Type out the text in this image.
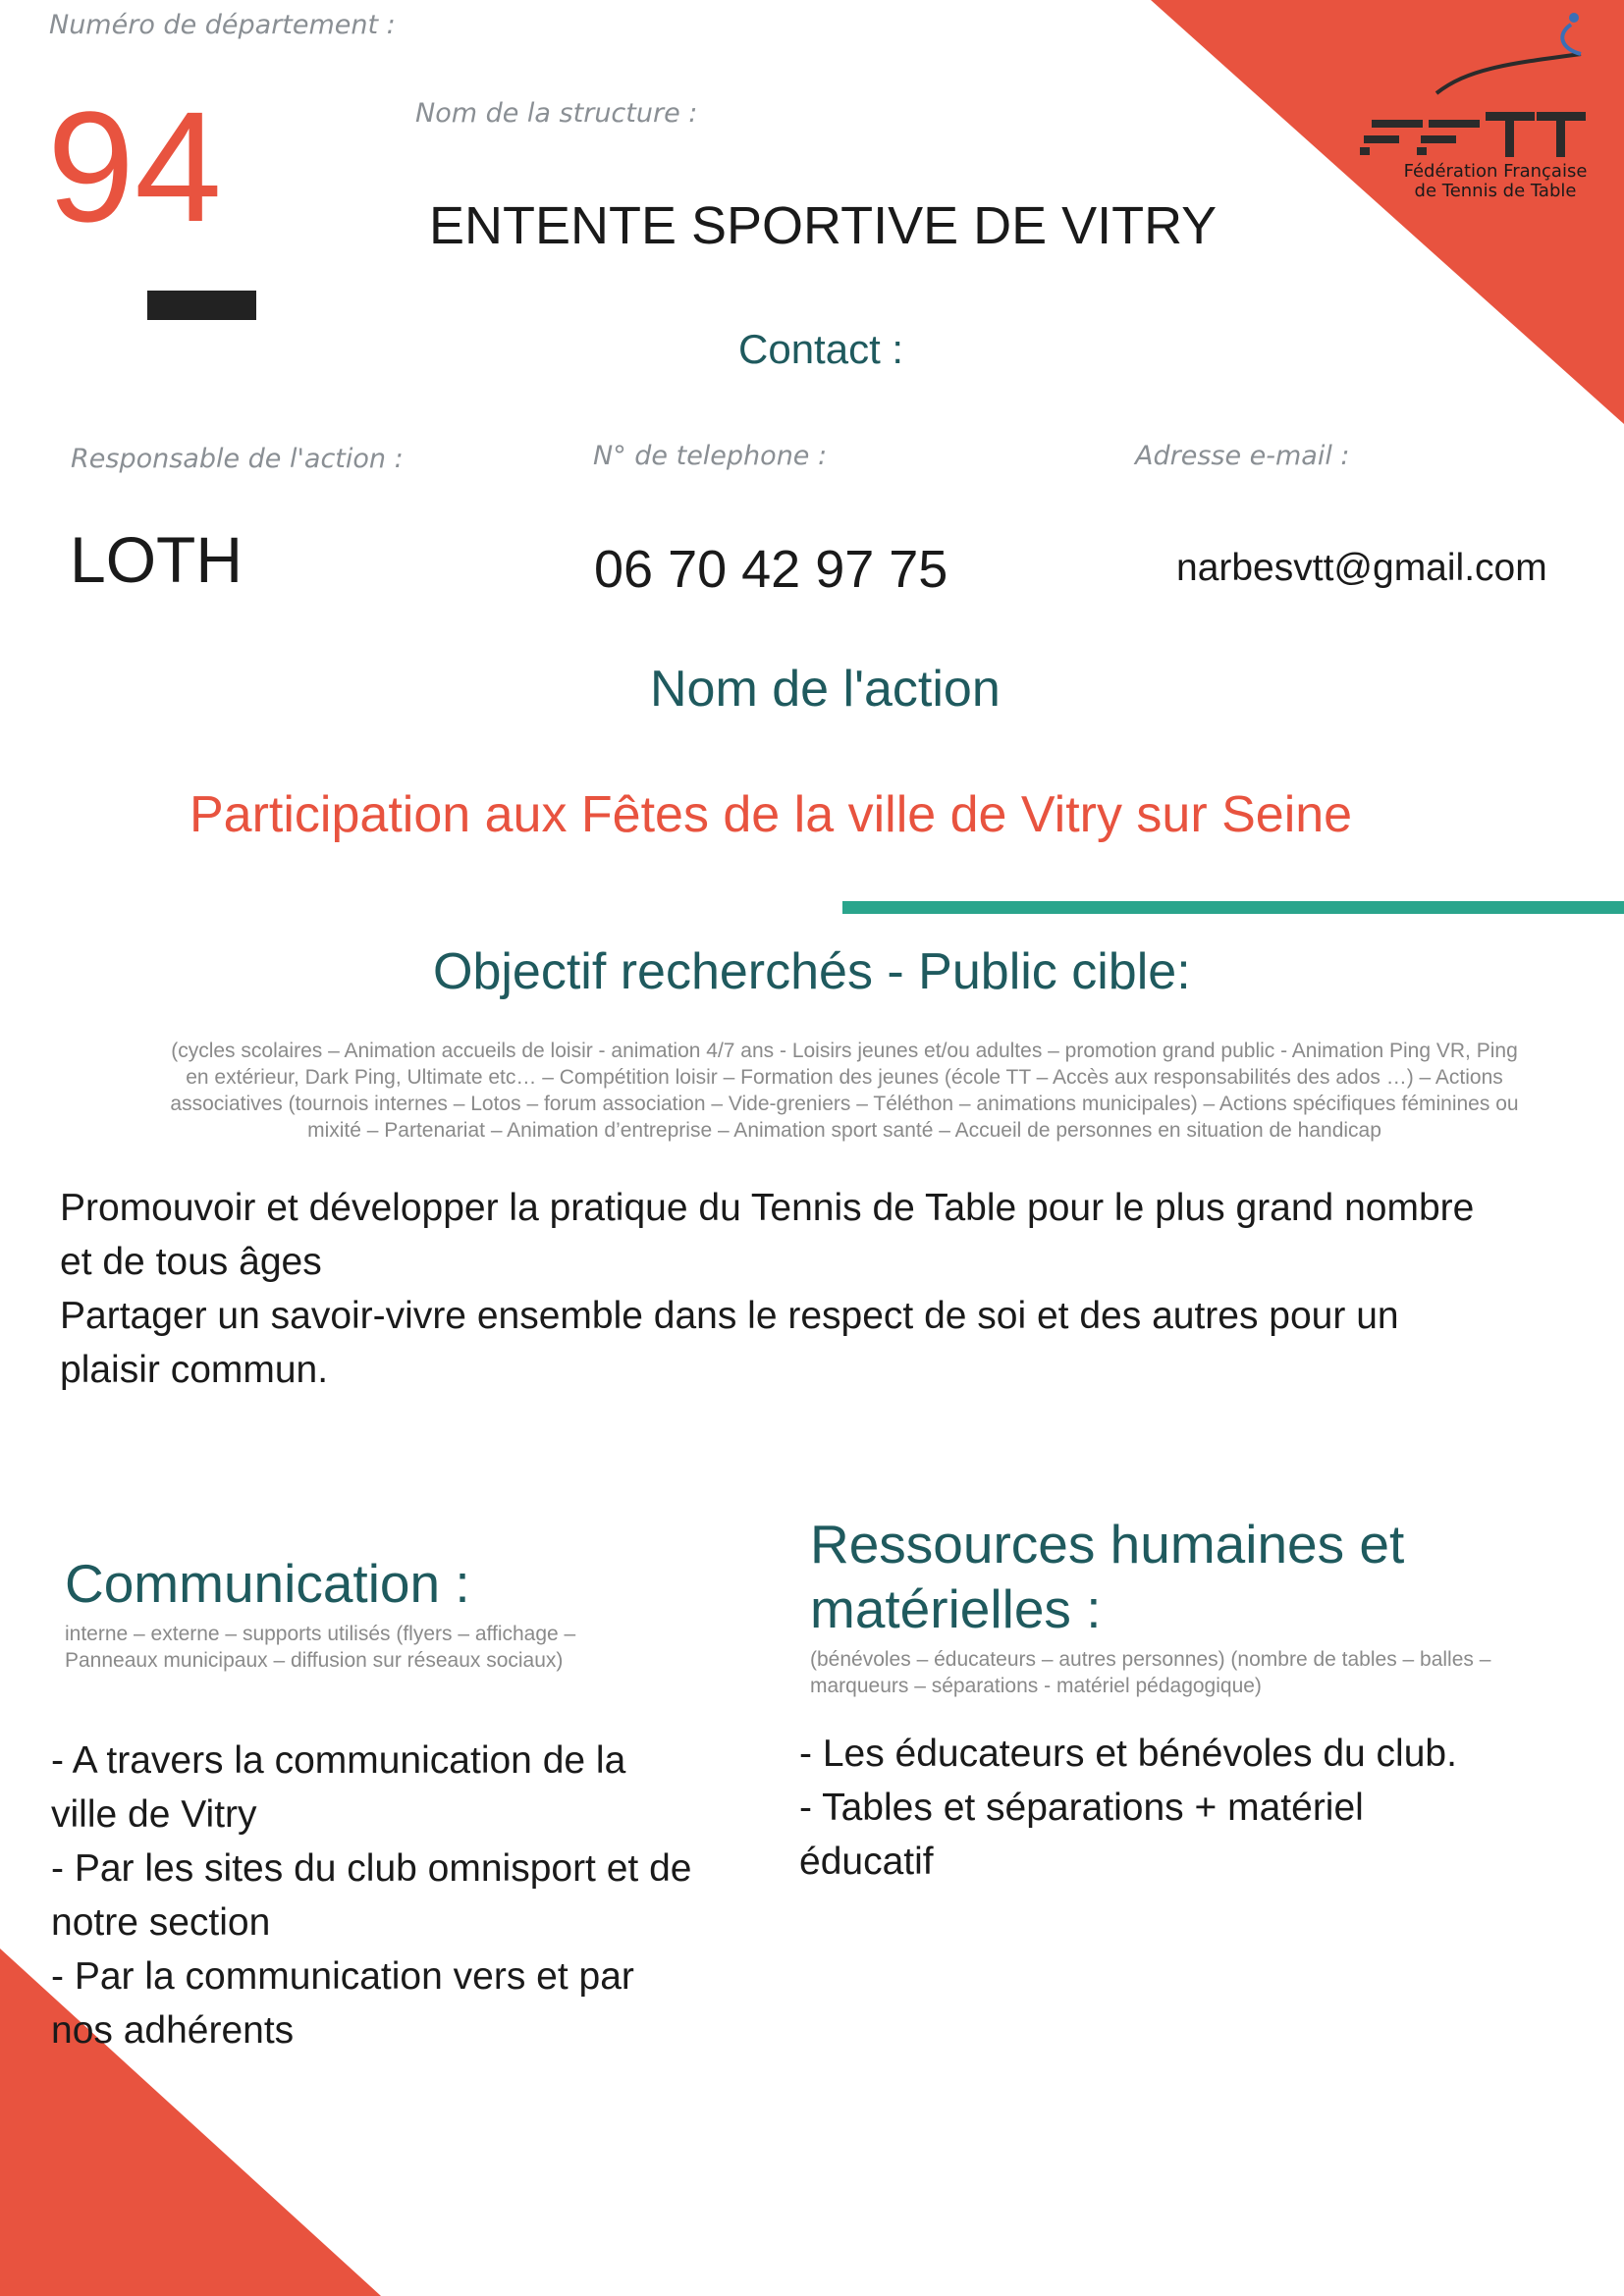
Fédération Française
de Tennis de Table
Numéro de département :
94	Nom de la structure :
ENTENTE SPORTIVE DE VITRY
Contact :
Responsable de l'action :
LOTH
N° de telephone :
06 70 42 97 75
Adresse e-mail :
narbesvtt@gmail.com
Nom de l'action
Participation aux Fêtes de la ville de Vitry sur Seine
Objectif recherchés - Public cible:
(cycles scolaires – Animation accueils de loisir - animation 4/7 ans - Loisirs jeunes et/ou adultes – promotion grand public - Animation Ping VR, Ping en extérieur, Dark Ping, Ultimate etc… – Compétition loisir – Formation des jeunes (école TT – Accès aux responsabilités des ados …) – Actions associatives (tournois internes – Lotos – forum association – Vide-greniers – Téléthon – animations municipales) – Actions spécifiques féminines ou mixité – Partenariat – Animation d’entreprise – Animation sport santé – Accueil de personnes en situation de handicap
Promouvoir et développer la pratique du Tennis de Table pour le plus grand nombre et de tous âges
Partager un savoir-vivre ensemble dans le respect de soi et des autres pour un plaisir commun.
Communication :
interne – externe – supports utilisés (flyers – affichage – Panneaux municipaux – diffusion sur réseaux sociaux)
- A travers la communication de la ville de Vitry
- Par les sites du club omnisport et de notre section
- Par la communication vers et par nos adhérents
Ressources humaines et matérielles :
(bénévoles – éducateurs – autres personnes) (nombre de tables – balles – marqueurs – séparations - matériel pédagogique)
- Les éducateurs et bénévoles du club.
- Tables et séparations + matériel éducatif
